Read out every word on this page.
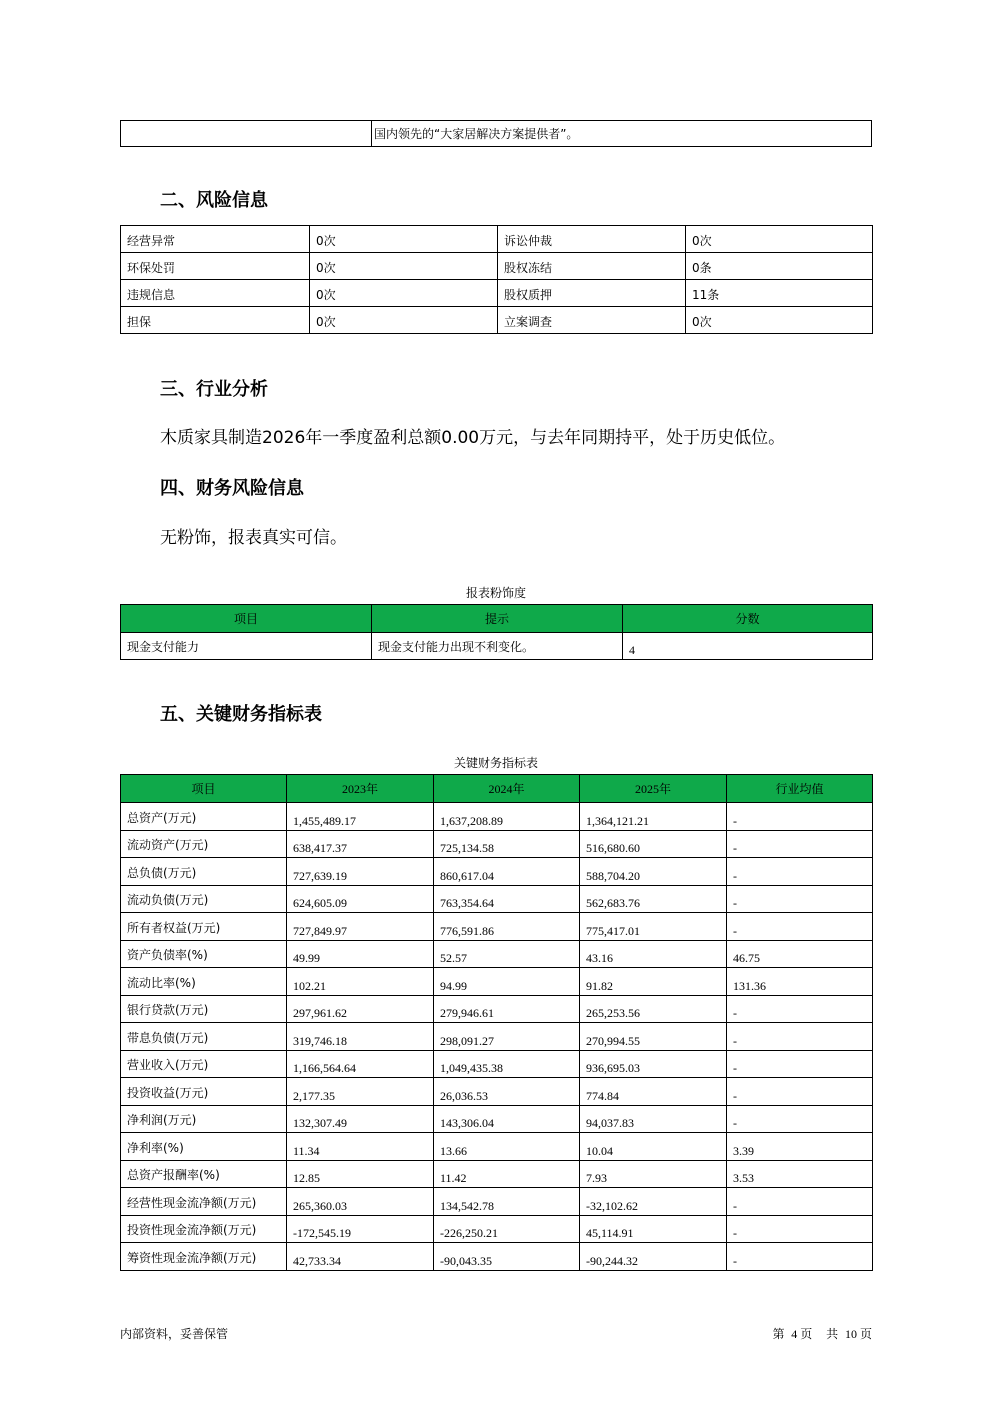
	国内领先的“大家居解决方案提供者”。
二、风险信息
经营异常	0次	诉讼仲裁	0次
环保处罚	0次	股权冻结	0条
违规信息	0次	股权质押	11条
担保	0次	立案调查	0次
三、行业分析
木质家具制造2026年一季度盈利总额0.00万元，与去年同期持平，处于历史低位。
四、财务风险信息
无粉饰，报表真实可信。
报表粉饰度
项目	提示	分数
现金支付能力	现金支付能力出现不利变化。	4
五、关键财务指标表
关键财务指标表
项目	2023年	2024年	2025年	行业均值
总资产(万元)	1,455,489.17	1,637,208.89	1,364,121.21	-
流动资产(万元)	638,417.37	725,134.58	516,680.60	-
总负债(万元)	727,639.19	860,617.04	588,704.20	-
流动负债(万元)	624,605.09	763,354.64	562,683.76	-
所有者权益(万元)	727,849.97	776,591.86	775,417.01	-
资产负债率(%)	49.99	52.57	43.16	46.75
流动比率(%)	102.21	94.99	91.82	131.36
银行贷款(万元)	297,961.62	279,946.61	265,253.56	-
带息负债(万元)	319,746.18	298,091.27	270,994.55	-
营业收入(万元)	1,166,564.64	1,049,435.38	936,695.03	-
投资收益(万元)	2,177.35	26,036.53	774.84	-
净利润(万元)	132,307.49	143,306.04	94,037.83	-
净利率(%)	11.34	13.66	10.04	3.39
总资产报酬率(%)	12.85	11.42	7.93	3.53
经营性现金流净额(万元)	265,360.03	134,542.78	-32,102.62	-
投资性现金流净额(万元)	-172,545.19	-226,250.21	45,114.91	-
筹资性现金流净额(万元)	42,733.34	-90,043.35	-90,244.32	-
内部资料，妥善保管	第 4 页 共 10 页
